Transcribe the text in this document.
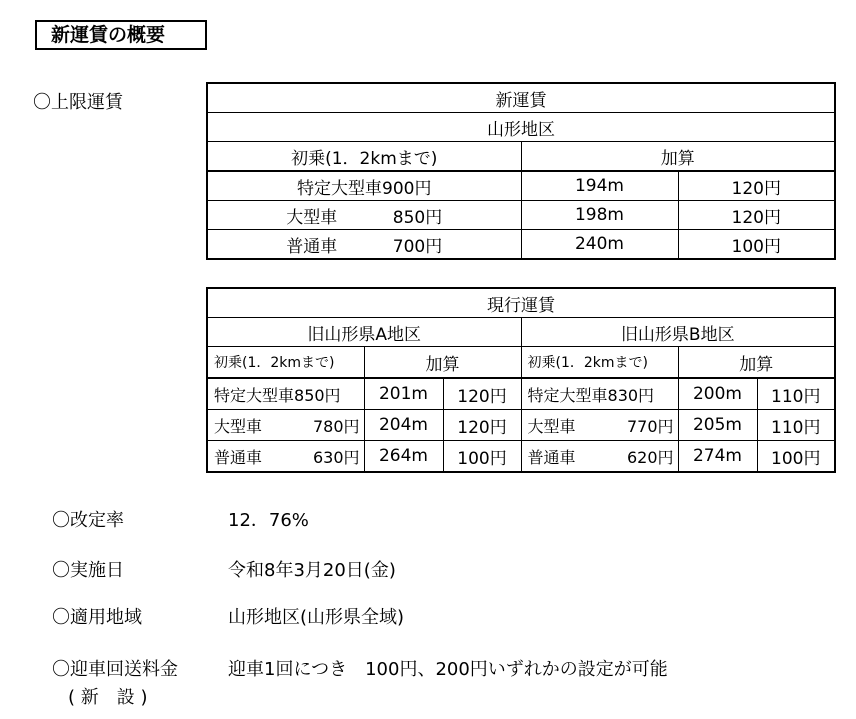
新運賃の概要
〇上限運賃	新運賃		
山形地区		
初乗(1．2kmまで)	加算	
特定大型車900円	194m	120円
大型車 850円	198m	120円
普通車 700円	240m	100円
現行運賃					
旧山形県A地区			旧山形県B地区		
初乗(1．2kmまで)	加算		初乗(1．2kmまで)	加算	
特定大型車850円	201m	120円	特定大型車830円	200m	110円

大型車 780円	204m	120円	大型車 770円	205m	110円

普通車 630円	264m	100円	普通車 620円	274m	100円
〇改定率	12．76%
〇実施日	令和8年3月20日(金)
〇適用地域	山形地区(山形県全域)
〇迎車回送料金	迎車1回につき　100円、200円いずれかの設定が可能
( 新　設 )
